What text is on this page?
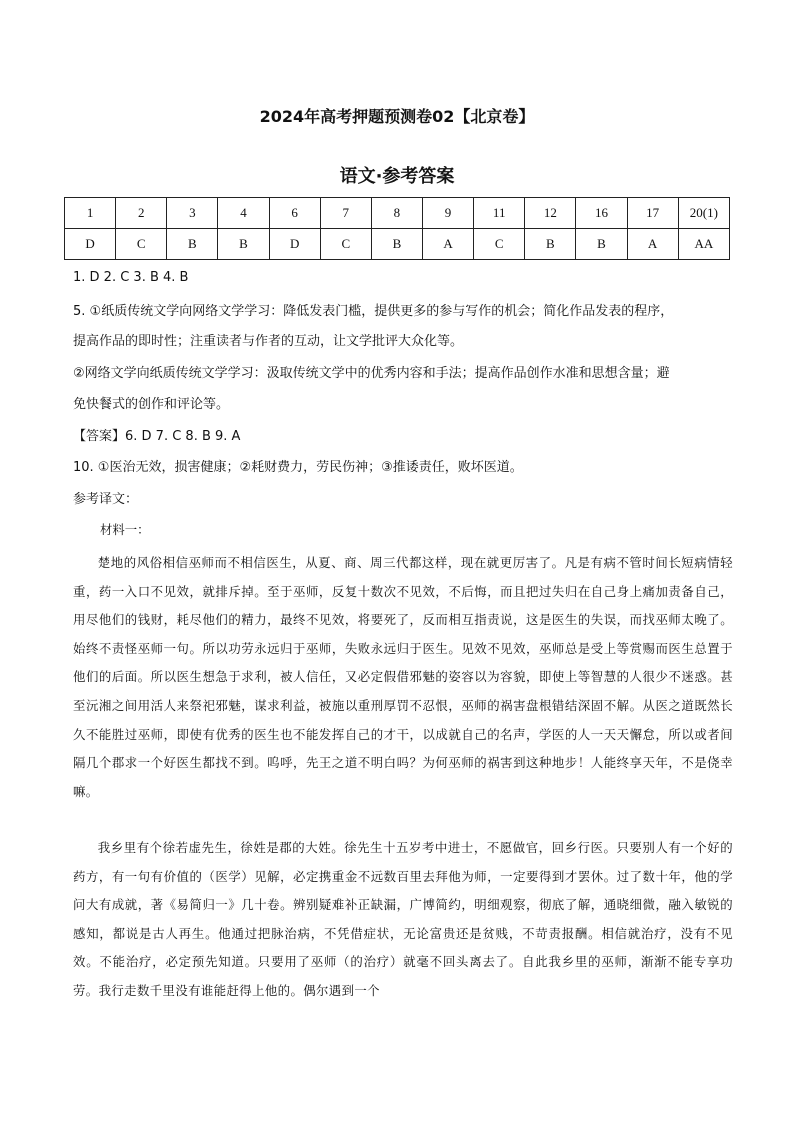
2024年高考押题预测卷02【北京卷】
语文·参考答案
1	2	3	4	6	7	8	9	11	12	16	17	20(1)
D	C	B	B	D	C	B	A	C	B	B	A	AA
1. D 2. C 3. B 4. B
5. ①纸质传统文学向网络文学学习：降低发表门槛，提供更多的参与写作的机会；简化作品发表的程序，
提高作品的即时性；注重读者与作者的互动，让文学批评大众化等。
②网络文学向纸质传统文学学习：汲取传统文学中的优秀内容和手法；提高作品创作水准和思想含量；避
免快餐式的创作和评论等。
【答案】6. D 7. C 8. B 9. A
10. ①医治无效，损害健康；②耗财费力，劳民伤神；③推诿责任，败坏医道。
参考译文：
材料一：
楚地的风俗相信巫师而不相信医生，从夏、商、周三代都这样，现在就更厉害了。凡是有病不管时间长短病情轻重，药一入口不见效，就排斥掉。至于巫师，反复十数次不见效，不后悔，而且把过失归在自己身上痛加责备自己，用尽他们的钱财，耗尽他们的精力，最终不见效，将要死了，反而相互指责说，这是医生的失误，而找巫师太晚了。始终不责怪巫师一句。所以功劳永远归于巫师，失败永远归于医生。见效不见效，巫师总是受上等赏赐而医生总置于他们的后面。所以医生想急于求利，被人信任，又必定假借邪魅的姿容以为容貌，即使上等智慧的人很少不迷惑。甚至沅湘之间用活人来祭祀邪魅，谋求利益，被施以重刑厚罚不忍恨，巫师的祸害盘根错结深固不解。从医之道既然长久不能胜过巫师，即使有优秀的医生也不能发挥自己的才干，以成就自己的名声，学医的人一天天懈怠，所以或者间隔几个郡求一个好医生都找不到。呜呼，先王之道不明白吗？为何巫师的祸害到这种地步！人能终享天年，不是侥幸嘛。
我乡里有个徐若虚先生，徐姓是郡的大姓。徐先生十五岁考中进士，不愿做官，回乡行医。只要别人有一个好的药方，有一句有价值的（医学）见解，必定携重金不远数百里去拜他为师，一定要得到才罢休。过了数十年，他的学问大有成就，著《易简归一》几十卷。辨别疑难补正缺漏，广博简约，明细观察，彻底了解，通晓细微，融入敏锐的感知，都说是古人再生。他通过把脉治病，不凭借症状，无论富贵还是贫贱，不苛责报酬。相信就治疗，没有不见效。不能治疗，必定预先知道。只要用了巫师（的治疗）就毫不回头离去了。自此我乡里的巫师，渐渐不能专享功劳。我行走数千里没有谁能赶得上他的。偶尔遇到一个
